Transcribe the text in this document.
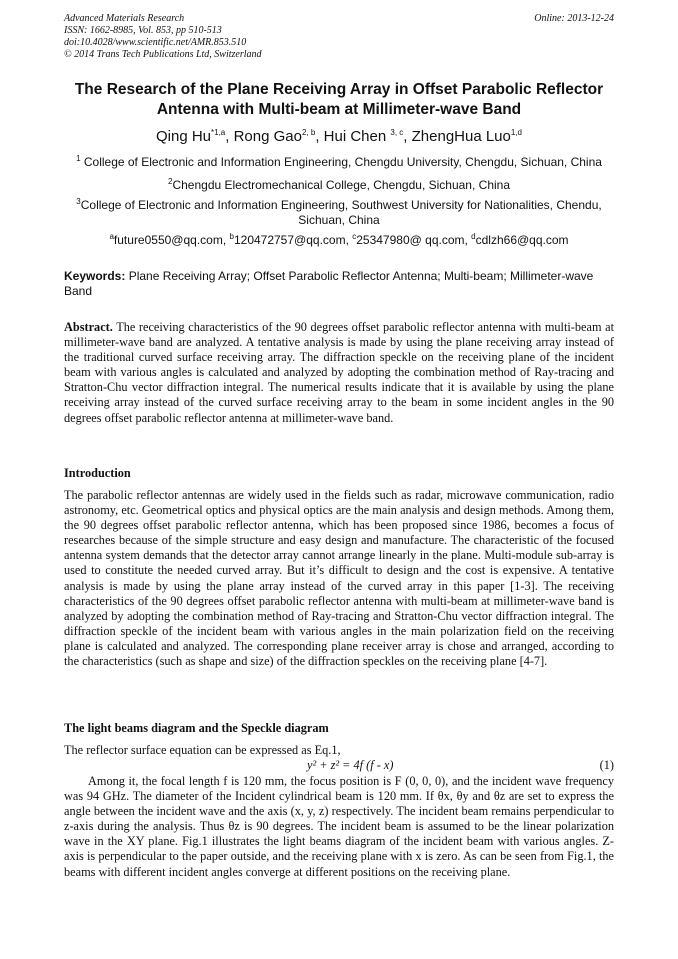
Advanced Materials Research
ISSN: 1662-8985, Vol. 853, pp 510-513
doi:10.4028/www.scientific.net/AMR.853.510
© 2014 Trans Tech Publications Ltd, Switzerland
Online: 2013-12-24
The Research of the Plane Receiving Array in Offset Parabolic Reflector Antenna with Multi-beam at Millimeter-wave Band
Qing Hu$^{*1,a}$, Rong Gao$^{2, b}$, Hui Chen $^{3, c}$, ZhengHua Luo$^{1,d}$
$^1$ College of Electronic and Information Engineering, Chengdu University, Chengdu, Sichuan, China
$^2$Chengdu Electromechanical College, Chengdu, Sichuan, China
$^3$College of Electronic and Information Engineering, Southwest University for Nationalities, Chendu, Sichuan, China
$^a$future0550@qq.com, $^b$120472757@qq.com, $^c$25347980@ qq.com, $^d$cdlzh66@qq.com
Keywords: Plane Receiving Array; Offset Parabolic Reflector Antenna; Multi-beam; Millimeter-wave Band
Abstract. The receiving characteristics of the 90 degrees offset parabolic reflector antenna with multi-beam at millimeter-wave band are analyzed. A tentative analysis is made by using the plane receiving array instead of the traditional curved surface receiving array. The diffraction speckle on the receiving plane of the incident beam with various angles is calculated and analyzed by adopting the combination method of Ray-tracing and Stratton-Chu vector diffraction integral. The numerical results indicate that it is available by using the plane receiving array instead of the curved surface receiving array to the beam in some incident angles in the 90 degrees offset parabolic reflector antenna at millimeter-wave band.
Introduction
The parabolic reflector antennas are widely used in the fields such as radar, microwave communication, radio astronomy, etc. Geometrical optics and physical optics are the main analysis and design methods. Among them, the 90 degrees offset parabolic reflector antenna, which has been proposed since 1986, becomes a focus of researches because of the simple structure and easy design and manufacture. The characteristic of the focused antenna system demands that the detector array cannot arrange linearly in the plane. Multi-module sub-array is used to constitute the needed curved array. But it’s difficult to design and the cost is expensive. A tentative analysis is made by using the plane array instead of the curved array in this paper [1-3]. The receiving characteristics of the 90 degrees offset parabolic reflector antenna with multi-beam at millimeter-wave band is analyzed by adopting the combination method of Ray-tracing and Stratton-Chu vector diffraction integral. The diffraction speckle of the incident beam with various angles in the main polarization field on the receiving plane is calculated and analyzed. The corresponding plane receiver array is chose and arranged, according to the characteristics (such as shape and size) of the diffraction speckles on the receiving plane [4-7].
The light beams diagram and the Speckle diagram
The reflector surface equation can be expressed as Eq.1,
y² + z² = 4f (f - x)	(1)
Among it, the focal length f is 120 mm, the focus position is F (0, 0, 0), and the incident wave frequency was 94 GHz. The diameter of the Incident cylindrical beam is 120 mm. If θx, θy and θz are set to express the angle between the incident wave and the axis (x, y, z) respectively. The incident beam remains perpendicular to z-axis during the analysis. Thus θz is 90 degrees. The incident beam is assumed to be the linear polarization wave in the XY plane. Fig.1 illustrates the light beams diagram of the incident beam with various angles. Z-axis is perpendicular to the paper outside, and the receiving plane with x is zero. As can be seen from Fig.1, the beams with different incident angles converge at different positions on the receiving plane.
